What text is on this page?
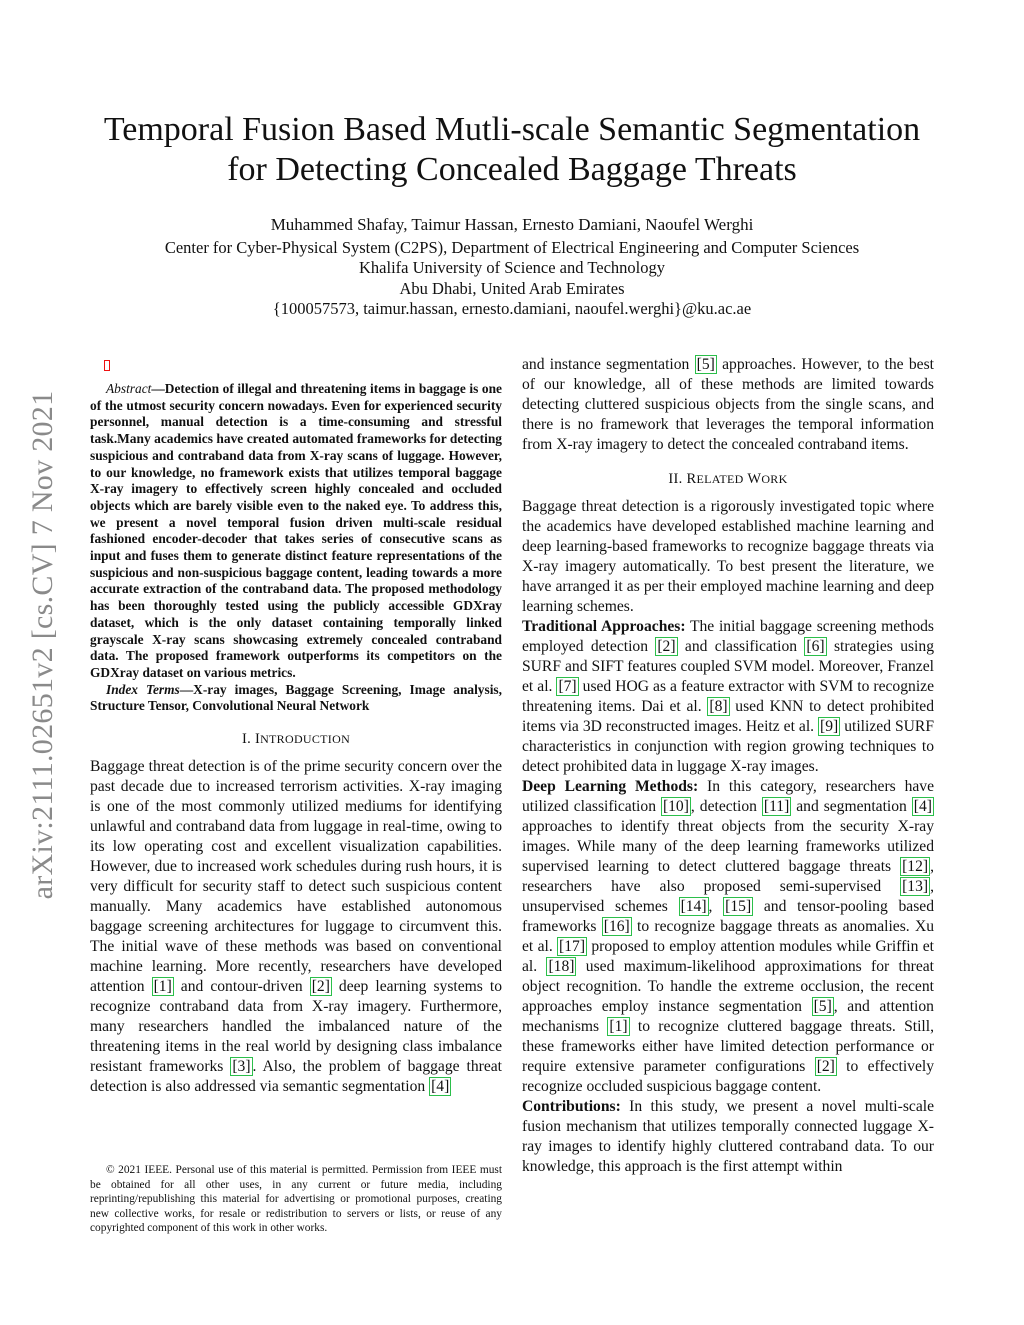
arXiv:2111.02651v2 [cs.CV] 7 Nov 2021
Temporal Fusion Based Mutli-scale Semantic Segmentation
for Detecting Concealed Baggage Threats
Muhammed Shafay, Taimur Hassan, Ernesto Damiani, Naoufel Werghi
Center for Cyber-Physical System (C2PS), Department of Electrical Engineering and Computer Sciences
Khalifa University of Science and Technology
Abu Dhabi, United Arab Emirates
{100057573, taimur.hassan, ernesto.damiani, naoufel.werghi}@ku.ac.ae

Abstract—Detection of illegal and threatening items in baggage is one of the utmost security concern nowadays. Even for experienced security personnel, manual detection is a time-consuming and stressful task.Many academics have created automated frameworks for detecting suspicious and contraband data from X-ray scans of luggage. However, to our knowledge, no framework exists that utilizes temporal baggage X-ray imagery to effectively screen highly concealed and occluded objects which are barely visible even to the naked eye. To address this, we present a novel temporal fusion driven multi-scale residual fashioned encoder-decoder that takes series of consecutive scans as input and fuses them to generate distinct feature representations of the suspicious and non-suspicious baggage content, leading towards a more accurate extraction of the contraband data. The proposed methodology has been thoroughly tested using the publicly accessible GDXray dataset, which is the only dataset containing temporally linked grayscale X-ray scans showcasing extremely concealed contraband data. The proposed framework outperforms its competitors on the GDXray dataset on various metrics.

Index Terms—X-ray images, Baggage Screening, Image analysis, Structure Tensor, Convolutional Neural Network

I. INTRODUCTION

Baggage threat detection is of the prime security concern over the past decade due to increased terrorism activities. X-ray imaging is one of the most commonly utilized mediums for identifying unlawful and contraband data from luggage in real-time, owing to its low operating cost and excellent visualization capabilities. However, due to increased work schedules during rush hours, it is very difficult for security staff to detect such suspicious content manually. Many academics have established autonomous baggage screening architectures for luggage to circumvent this. The initial wave of these methods was based on conventional machine learning. More recently, researchers have developed attention [1] and contour-driven [2] deep learning systems to recognize contraband data from X-ray imagery. Furthermore, many researchers handled the imbalanced nature of the threatening items in the real world by designing class imbalance resistant frameworks [3] . Also, the problem of baggage threat detection is also addressed via semantic segmentation [4]

© 2021 IEEE. Personal use of this material is permitted. Permission from IEEE must be obtained for all other uses, in any current or future media, including reprinting/republishing this material for advertising or promotional purposes, creating new collective works, for resale or redistribution to servers or lists, or reuse of any copyrighted component of this work in other works.

and instance segmentation [5] approaches. However, to the best of our knowledge, all of these methods are limited towards detecting cluttered suspicious objects from the single scans, and there is no framework that leverages the temporal information from X-ray imagery to detect the concealed contraband items.

II. RELATED WORK

Baggage threat detection is a rigorously investigated topic where the academics have developed established machine learning and deep learning-based frameworks to recognize baggage threats via X-ray imagery automatically. To best present the literature, we have arranged it as per their employed machine learning and deep learning schemes.

Traditional Approaches: The initial baggage screening methods employed detection [2] and classification [6] strategies using SURF and SIFT features coupled SVM model. Moreover, Franzel et al. [7] used HOG as a feature extractor with SVM to recognize threatening items. Dai et al. [8] used KNN to detect prohibited items via 3D reconstructed images. Heitz et al. [9] utilized SURF characteristics in conjunction with region growing techniques to detect prohibited data in luggage X-ray images.

Deep Learning Methods: In this category, researchers have utilized classification [10] , detection [11] and segmentation [4] approaches to identify threat objects from the security X-ray images. While many of the deep learning frameworks utilized supervised learning to detect cluttered baggage threats [12] , researchers have also proposed semi-supervised [13] , unsupervised schemes [14] , [15] and tensor-pooling based frameworks [16] to recognize baggage threats as anomalies. Xu et al. [17] proposed to employ attention modules while Griffin et al. [18] used maximum-likelihood approximations for threat object recognition. To handle the extreme occlusion, the recent approaches employ instance segmentation [5] , and attention mechanisms [1] to recognize cluttered baggage threats. Still, these frameworks either have limited detection performance or require extensive parameter configurations [2] to effectively recognize occluded suspicious baggage content.

Contributions: In this study, we present a novel multi-scale fusion mechanism that utilizes temporally connected luggage X-ray images to identify highly cluttered contraband data. To our knowledge, this approach is the first attempt within
